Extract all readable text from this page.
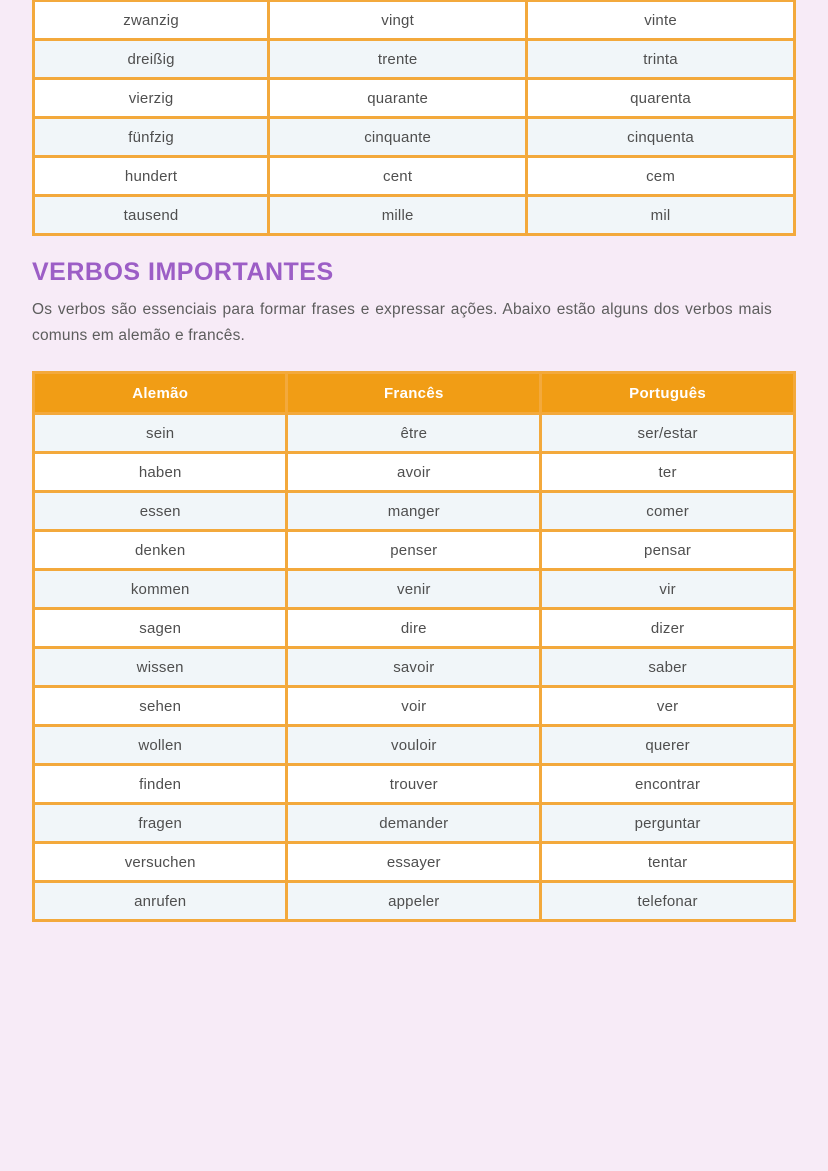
zwanzig	vingt	vinte
dreißig	trente	trinta
vierzig	quarante	quarenta
fünfzig	cinquante	cinquenta
hundert	cent	cem
tausend	mille	mil
VERBOS IMPORTANTES

Os verbos são essenciais para formar frases e expressar ações. Abaixo estão alguns dos verbos mais comuns em alemão e francês.

Alemão	Francês	Português
sein	être	ser/estar
haben	avoir	ter
essen	manger	comer
denken	penser	pensar
kommen	venir	vir
sagen	dire	dizer
wissen	savoir	saber
sehen	voir	ver
wollen	vouloir	querer
finden	trouver	encontrar
fragen	demander	perguntar
versuchen	essayer	tentar
anrufen	appeler	telefonar
